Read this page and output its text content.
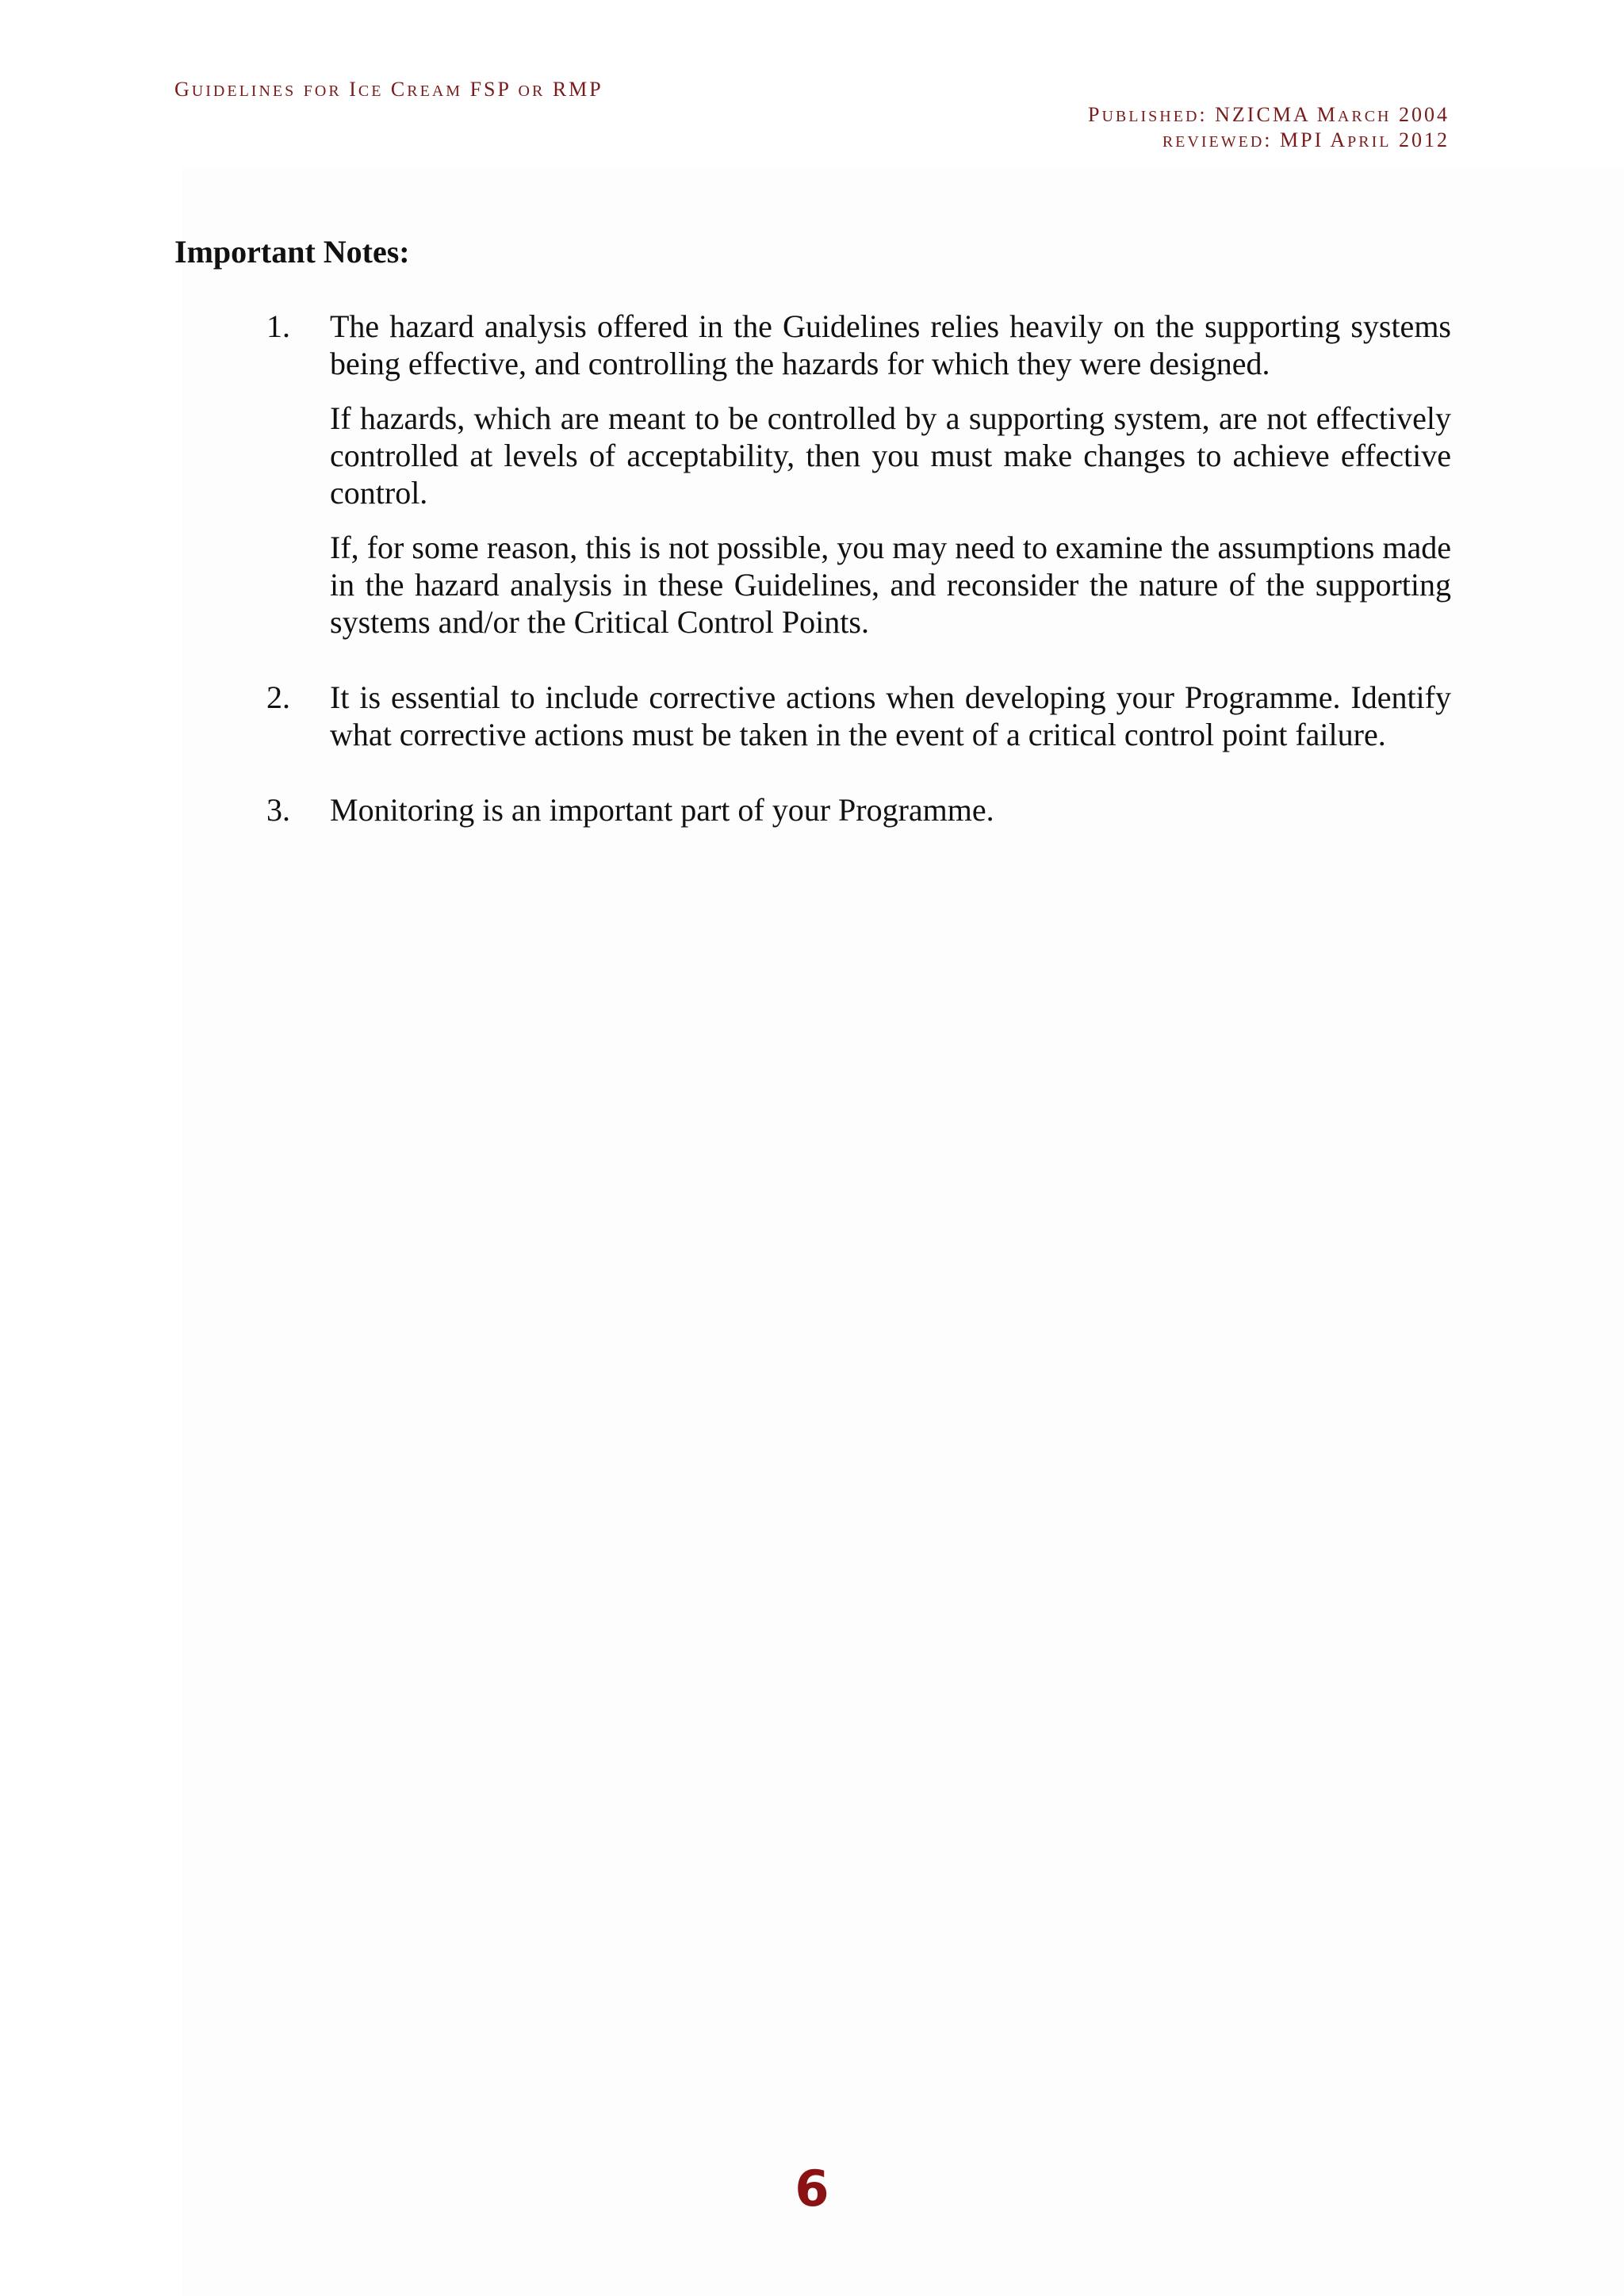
GUIDELINES FOR ICE CREAM FSP OR RMP
PUBLISHED: NZICMA MARCH 2004
REVIEWED: MPI APRIL 2012
Important Notes:
1. The hazard analysis offered in the Guidelines relies heavily on the supporting systems being effective, and controlling the hazards for which they were designed.

If hazards, which are meant to be controlled by a supporting system, are not effectively controlled at levels of acceptability, then you must make changes to achieve effective control.

If, for some reason, this is not possible, you may need to examine the assumptions made in the hazard analysis in these Guidelines, and reconsider the nature of the supporting systems and/or the Critical Control Points.

2. It is essential to include corrective actions when developing your Programme. Identify what corrective actions must be taken in the event of a critical control point failure.

3. Monitoring is an important part of your Programme.

6
